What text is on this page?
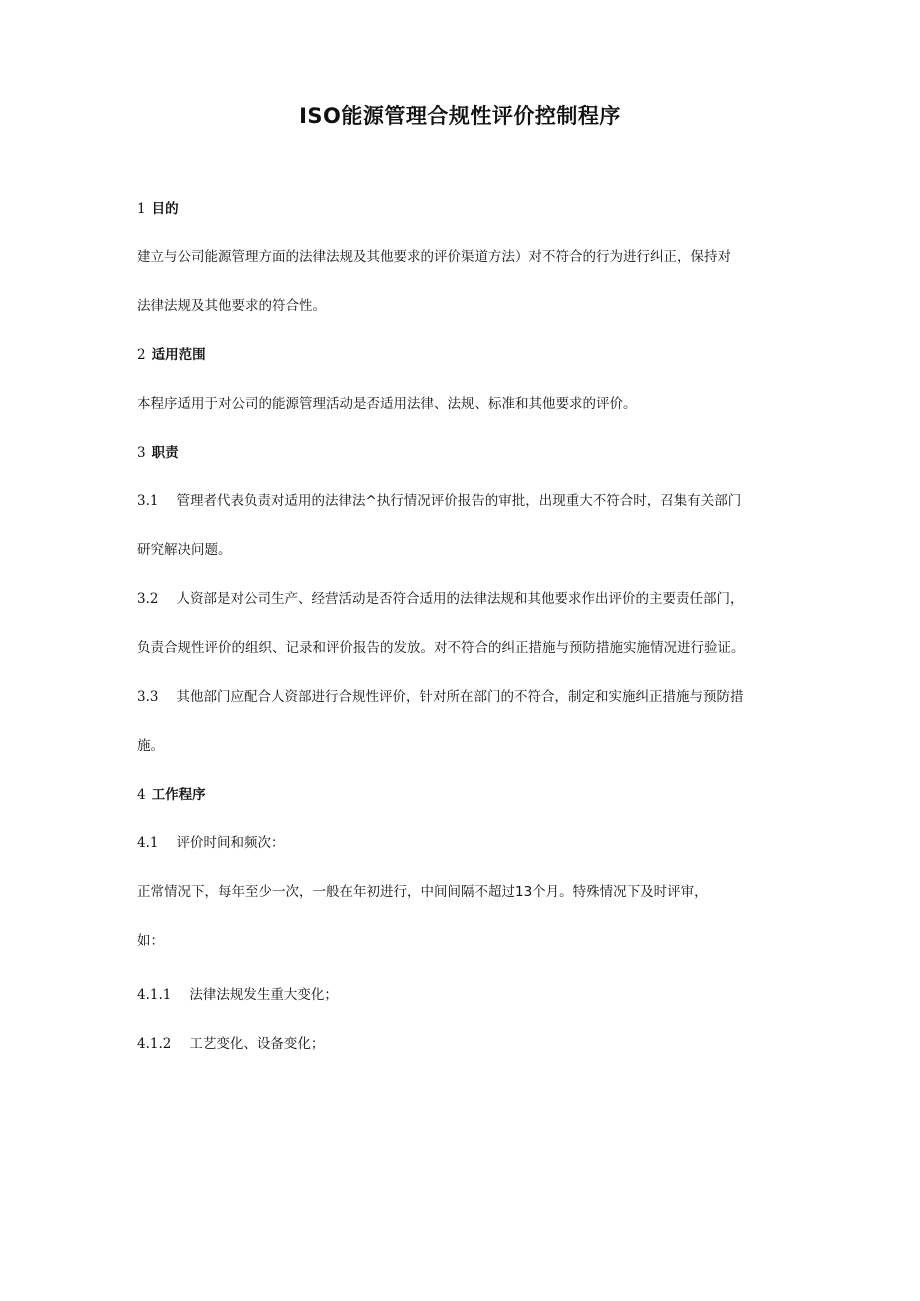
ISO能源管理合规性评价控制程序
1 目的
建立与公司能源管理方面的法律法规及其他要求的评价渠道方法）对不符合的行为进行纠正，保持对
法律法规及其他要求的符合性。
2 适用范围
本程序适用于对公司的能源管理活动是否适用法律、法规、标准和其他要求的评价。
3 职责
3.1 管理者代表负责对适用的法律法^执行情况评价报告的审批，出现重大不符合时，召集有关部门
研究解决问题。
3.2 人资部是对公司生产、经营活动是否符合适用的法律法规和其他要求作出评价的主要责任部门，
负责合规性评价的组织、记录和评价报告的发放。对不符合的纠正措施与预防措施实施情况进行验证。
3.3 其他部门应配合人资部进行合规性评价，针对所在部门的不符合，制定和实施纠正措施与预防措
施。
4 工作程序
4.1 评价时间和频次：
正常情况下，每年至少一次，一般在年初进行，中间间隔不超过13个月。特殊情况下及时评审，
如：
4.1.1 法律法规发生重大变化；
4.1.2 工艺变化、设备变化；
